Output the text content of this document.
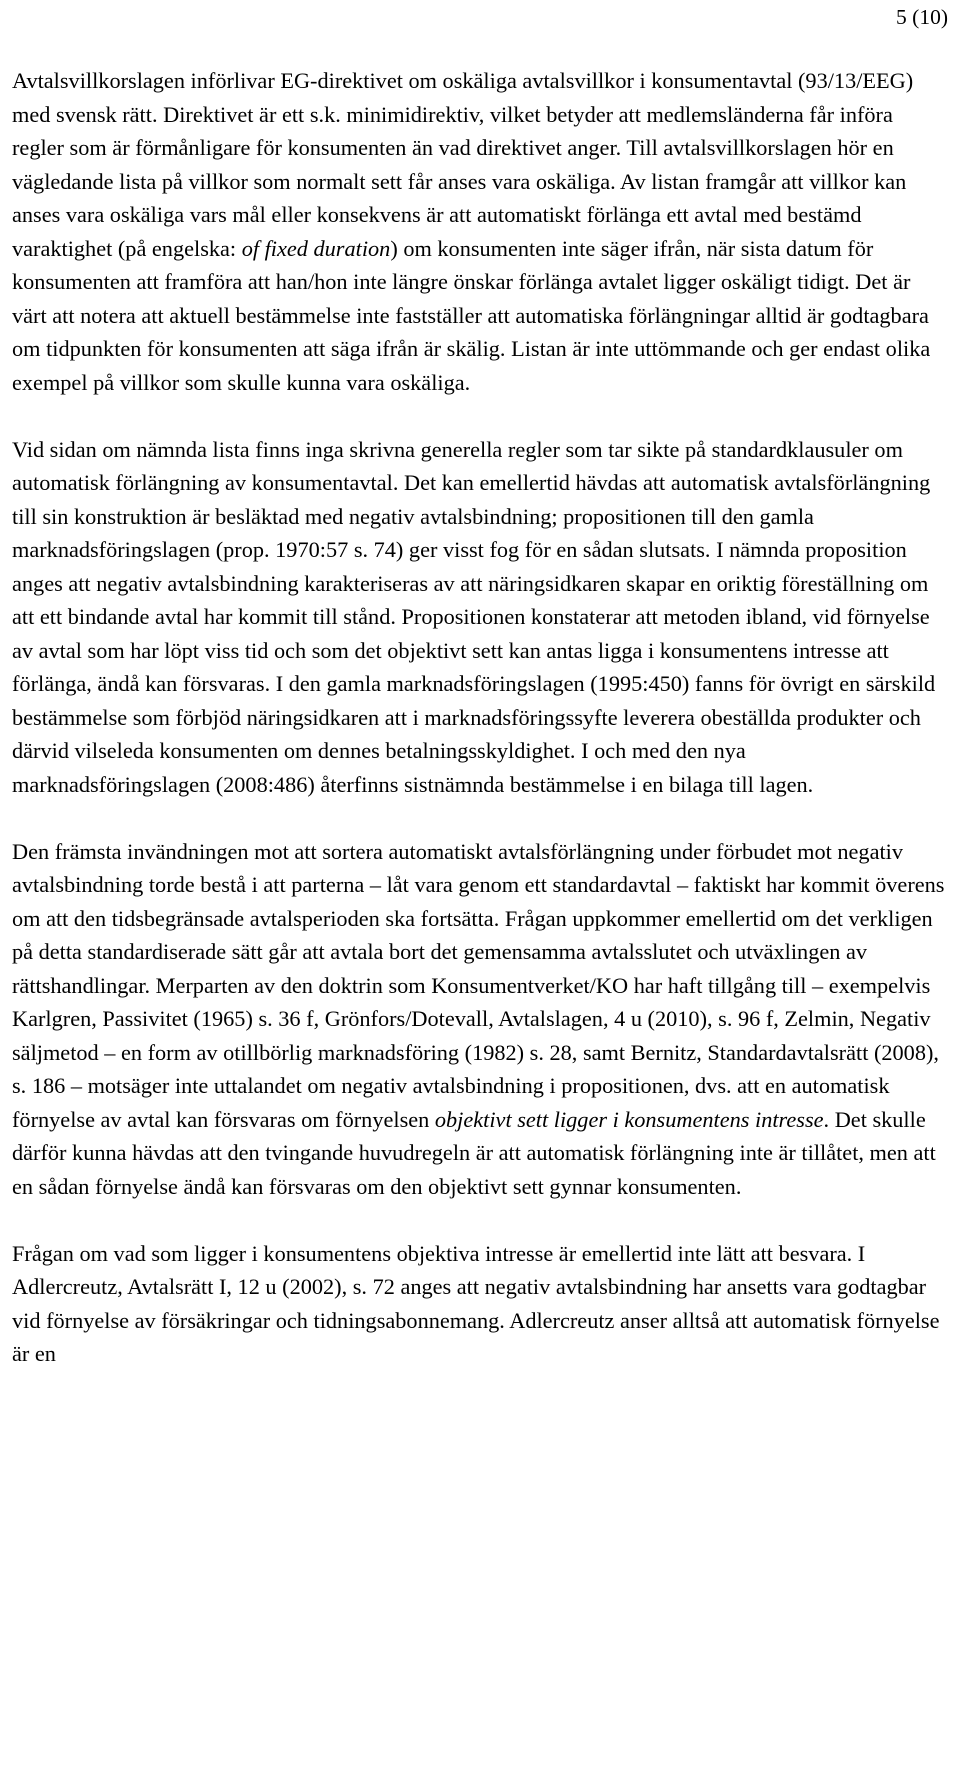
5 (10)

Avtalsvillkorslagen införlivar EG-direktivet om oskäliga avtalsvillkor i konsumentavtal (93/13/EEG) med svensk rätt. Direktivet är ett s.k. minimidirektiv, vilket betyder att medlemsländerna får införa regler som är förmånligare för konsumenten än vad direktivet anger. Till avtalsvillkorslagen hör en vägledande lista på villkor som normalt sett får anses vara oskäliga. Av listan framgår att villkor kan anses vara oskäliga vars mål eller konsekvens är att automatiskt förlänga ett avtal med bestämd varaktighet (på engelska: of fixed duration) om konsumenten inte säger ifrån, när sista datum för konsumenten att framföra att han/hon inte längre önskar förlänga avtalet ligger oskäligt tidigt. Det är värt att notera att aktuell bestämmelse inte fastställer att automatiska förlängningar alltid är godtagbara om tidpunkten för konsumenten att säga ifrån är skälig. Listan är inte uttömmande och ger endast olika exempel på villkor som skulle kunna vara oskäliga.

Vid sidan om nämnda lista finns inga skrivna generella regler som tar sikte på standardklausuler om automatisk förlängning av konsumentavtal. Det kan emellertid hävdas att automatisk avtalsförlängning till sin konstruktion är besläktad med negativ avtalsbindning; propositionen till den gamla marknadsföringslagen (prop. 1970:57 s. 74) ger visst fog för en sådan slutsats. I nämnda proposition anges att negativ avtalsbindning karakteriseras av att näringsidkaren skapar en oriktig föreställning om att ett bindande avtal har kommit till stånd. Propositionen konstaterar att metoden ibland, vid förnyelse av avtal som har löpt viss tid och som det objektivt sett kan antas ligga i konsumentens intresse att förlänga, ändå kan försvaras. I den gamla marknadsföringslagen (1995:450) fanns för övrigt en särskild bestämmelse som förbjöd näringsidkaren att i marknadsföringssyfte leverera obeställda produkter och därvid vilseleda konsumenten om dennes betalningsskyldighet. I och med den nya marknadsföringslagen (2008:486) återfinns sistnämnda bestämmelse i en bilaga till lagen.

Den främsta invändningen mot att sortera automatiskt avtalsförlängning under förbudet mot negativ avtalsbindning torde bestå i att parterna – låt vara genom ett standardavtal – faktiskt har kommit överens om att den tidsbegränsade avtalsperioden ska fortsätta. Frågan uppkommer emellertid om det verkligen på detta standardiserade sätt går att avtala bort det gemensamma avtalsslutet och utväxlingen av rättshandlingar. Merparten av den doktrin som Konsumentverket/KO har haft tillgång till – exempelvis Karlgren, Passivitet (1965) s. 36 f, Grönfors/Dotevall, Avtalslagen, 4 u (2010), s. 96 f, Zelmin, Negativ säljmetod – en form av otillbörlig marknadsföring (1982) s. 28, samt Bernitz, Standardavtalsrätt (2008), s. 186 – motsäger inte uttalandet om negativ avtalsbindning i propositionen, dvs. att en automatisk förnyelse av avtal kan försvaras om förnyelsen objektivt sett ligger i konsumentens intresse. Det skulle därför kunna hävdas att den tvingande huvudregeln är att automatisk förlängning inte är tillåtet, men att en sådan förnyelse ändå kan försvaras om den objektivt sett gynnar konsumenten.

Frågan om vad som ligger i konsumentens objektiva intresse är emellertid inte lätt att besvara. I Adlercreutz, Avtalsrätt I, 12 u (2002), s. 72 anges att negativ avtalsbindning har ansetts vara godtagbar vid förnyelse av försäkringar och tidningsabonnemang. Adlercreutz anser alltså att automatisk förnyelse är en
